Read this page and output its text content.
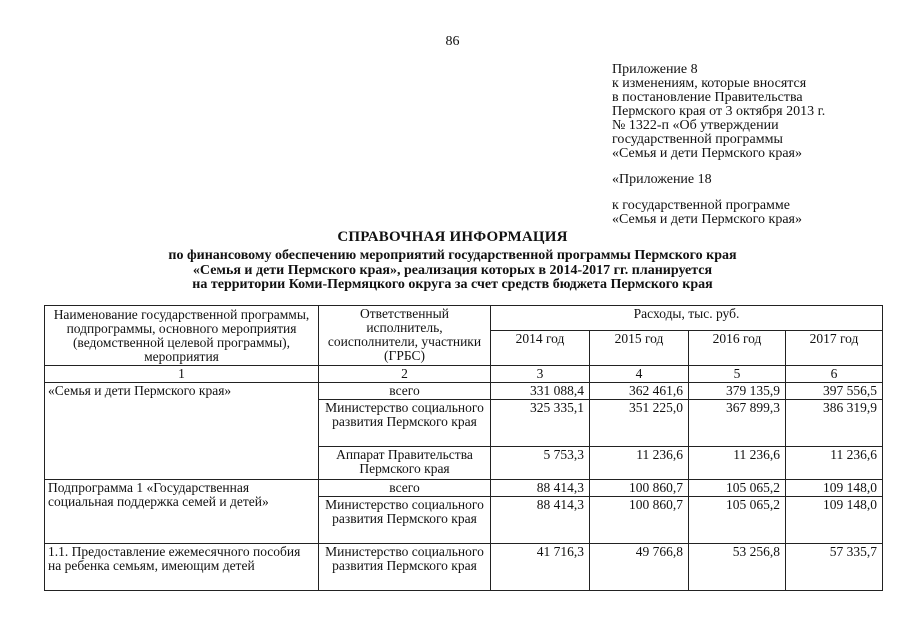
86
Приложение 8
к изменениям, которые вносятся
в постановление Правительства
Пермского края от 3 октября 2013 г.
№ 1322-п «Об утверждении
государственной программы
«Семья и дети Пермского края»
«Приложение 18
к государственной программе
«Семья и дети Пермского края»
СПРАВОЧНАЯ ИНФОРМАЦИЯ
по финансовому обеспечению мероприятий государственной программы Пермского края
«Семья и дети Пермского края», реализация которых в 2014-2017 гг. планируется
на территории Коми-Пермяцкого округа за счет средств бюджета Пермского края
Наименование государственной программы, подпрограммы, основного мероприятия (ведомственной целевой программы), мероприятия	Ответственный исполнитель, соисполнители, участники (ГРБС)	Расходы, тыс. руб.			
		2014 год	2015 год	2016 год	2017 год
1	2	3	4	5	6
«Семья и дети Пермского края»	всего	331 088,4	362 461,6	379 135,9	397 556,5
	Министерство социального развития Пермского края	325 335,1	351 225,0	367 899,3	386 319,9
	Аппарат Правительства Пермского края	5 753,3	11 236,6	11 236,6	11 236,6
Подпрограмма 1 «Государственная социальная поддержка семей и детей»	всего	88 414,3	100 860,7	105 065,2	109 148,0
	Министерство социального развития Пермского края	88 414,3	100 860,7	105 065,2	109 148,0
1.1. Предоставление ежемесячного пособия на ребенка семьям, имеющим детей	Министерство социального развития Пермского края	41 716,3	49 766,8	53 256,8	57 335,7
